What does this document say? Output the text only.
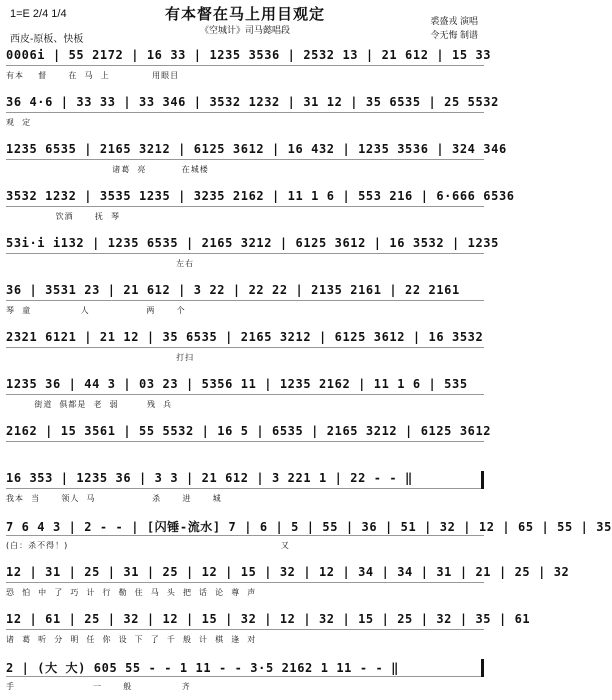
1=E 2/4 1/4
西皮-原板、快板
有本督在马上用目观定
《空城计》司马懿唱段
裘盛戎 演唱
令无悔 制谱
0006i | 55 2172 | 16 33 | 1235 3536 | 2532 13 | 21 612 | 15 33
有本    督      在  马  上            用眼目
36 4·6 | 33 33 | 33 346 | 3532 1232 | 31 12 | 35 6535 | 25 5532
观  定
1235 6535 | 2165 3212 | 6125 3612 | 16 432 | 1235 3536 | 324 346
诸葛  亮          在城楼
3532 1232 | 3535 1235 | 3235 2162 | 11 1 6 | 553 216 | 6·666 6536
饮酒      抚  琴
53i·i i132 | 1235 6535 | 2165 3212 | 6125 3612 | 16 3532 | 1235
左右
36 | 3531 23 | 21 612 | 3 22 | 22 22 | 2135 2161 | 22 2161
琴  童              人                两      个
2321 6121 | 21 12 | 35 6535 | 2165 3212 | 6125 3612 | 16 3532
打扫
1235 36 | 44 3 | 03 23 | 5356 11 | 1235 2162 | 11 1 6 | 535
街道  俱都是  老  弱        残  兵
2162 | 15 3561 | 55 5532 | 16 5 | 6535 | 2165 3212 | 6125 3612
16 353 | 1235 36 | 3 3 | 21 612 | 3 221 1 | 22 - - ‖
我本  当      领人  马                杀      进      城
7 6 4 3 | 2 - - | [闪锤-流水] 7 | 6 | 5 | 55 | 36 | 51 | 32 | 12 | 65 | 55 | 35
(白：杀不得！)                                                            又
12 | 31 | 25 | 31 | 25 | 12 | 15 | 32 | 12 | 34 | 34 | 31 | 21 | 25 | 32
恐  怕  中  了  巧  计  行  勒  住  马  头  把  话  论  尊  声
12 | 61 | 25 | 32 | 12 | 15 | 32 | 12 | 32 | 15 | 25 | 32 | 35 | 61
诸  葛  听  分  明  任  你  设  下  了  千  般  计  棋  逢  对
2 | (大 大) 605 55 - - 1 11 - - 3·5 2162 1 11 - - ‖
手                      一      般              齐
